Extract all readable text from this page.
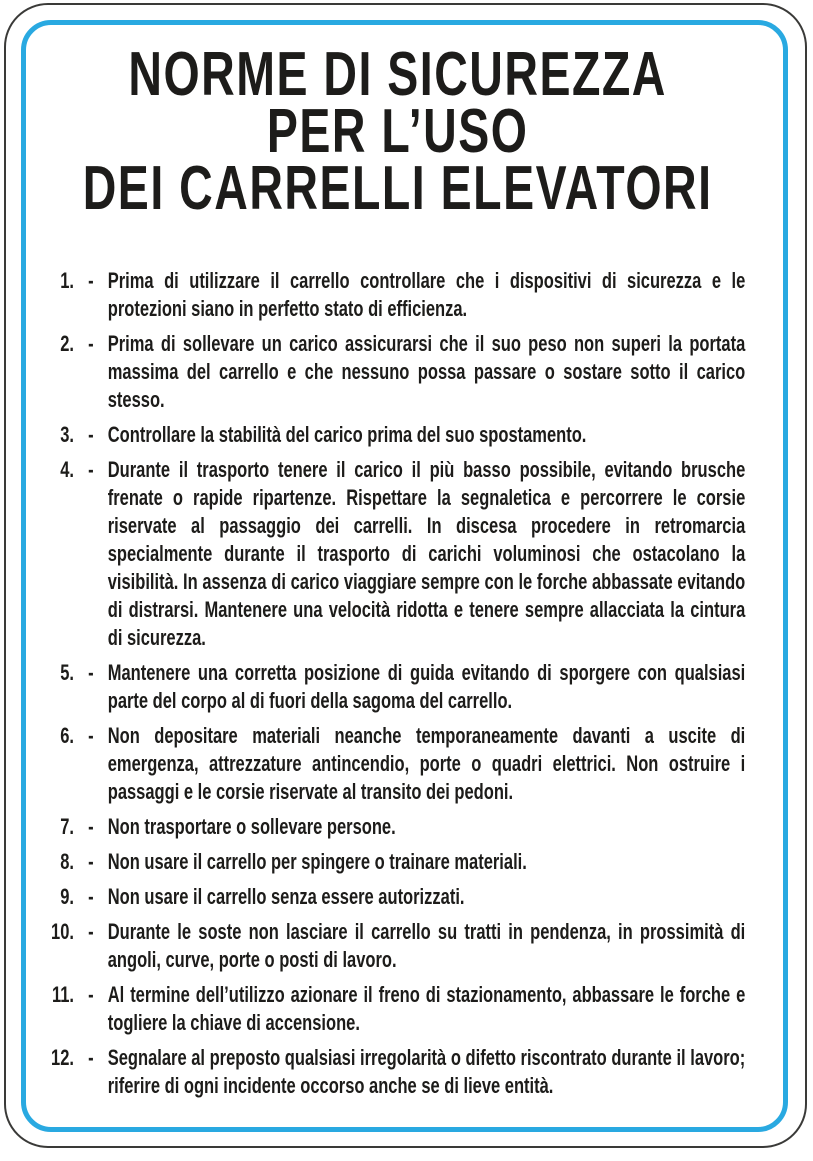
NORME DI SICUREZZA
PER L’USO
DEI CARRELLI ELEVATORI
1. - Prima di utilizzare il carrello controllare che i dispositivi di sicurezza e le protezioni siano in perfetto stato di efficienza.
2. - Prima di sollevare un carico assicurarsi che il suo peso non superi la portata massima del carrello e che nessuno possa passare o sostare sotto il carico stesso.
3. - Controllare la stabilità del carico prima del suo spostamento.
4. - Durante il trasporto tenere il carico il più basso possibile, evitando brusche frenate o rapide ripartenze. Rispettare la segnaletica e percorrere le corsie riservate al passaggio dei carrelli. In discesa procedere in retromarcia specialmente durante il trasporto di carichi voluminosi che ostacolano la visibilità. In assenza di carico viaggiare sempre con le forche abbassate evitando di distrarsi. Mantenere una velocità ridotta e tenere sempre allacciata la cintura di sicurezza.
5. - Mantenere una corretta posizione di guida evitando di sporgere con qualsiasi parte del corpo al di fuori della sagoma del carrello.
6. - Non depositare materiali neanche temporaneamente davanti a uscite di emergenza, attrezzature antincendio, porte o quadri elettrici. Non ostruire i passaggi e le corsie riservate al transito dei pedoni.
7. - Non trasportare o sollevare persone.
8. - Non usare il carrello per spingere o trainare materiali.
9. - Non usare il carrello senza essere autorizzati.
10. - Durante le soste non lasciare il carrello su tratti in pendenza, in prossimità di angoli, curve, porte o posti di lavoro.
11. - Al termine dell’utilizzo azionare il freno di stazionamento, abbassare le forche e togliere la chiave di accensione.
12. - Segnalare al preposto qualsiasi irregolarità o difetto riscontrato durante il lavoro; riferire di ogni incidente occorso anche se di lieve entità.
